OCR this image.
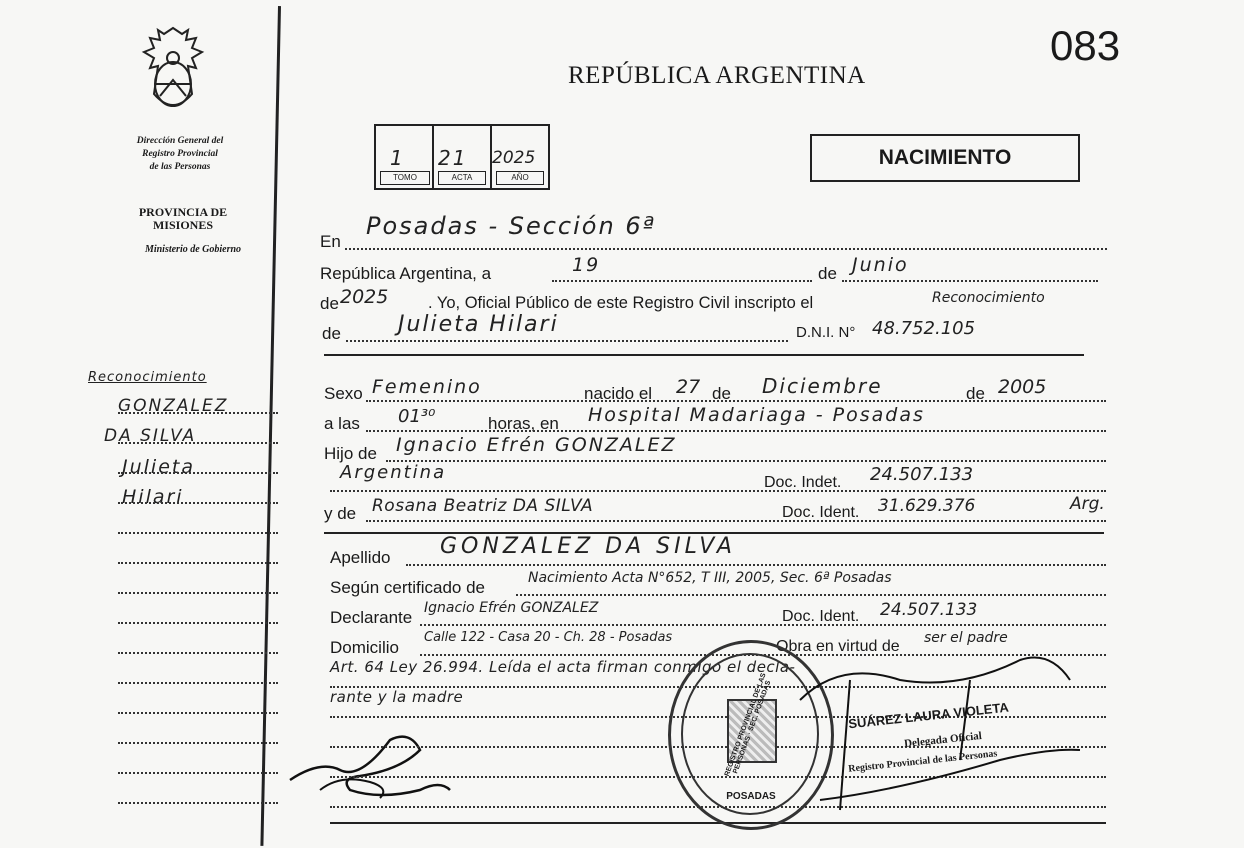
083
Dirección General del
Registro Provincial
de las Personas
PROVINCIA DE
MISIONES
Ministerio de Gobierno
REPÚBLICA ARGENTINA
1 21 2025
TOMO	ACTA	AÑO
NACIMIENTO
Reconocimiento
GONZALEZ
DA SILVA
Julieta
Hilari
En
Posadas - Sección 6ª
República Argentina, a	19	de Junio
de 2025 . Yo, Oficial Público de este Registro Civil inscripto el	Reconocimiento
de	Julieta Hilari	D.N.I. N° 48.752.105
Sexo Femenino	nacido el 27 de Diciembre	de 2005
a las 01³⁰	horas, en Hospital Madariaga - Posadas
Hijo de Ignacio Efrén GONZALEZ
Argentina	Doc. Indet. 24.507.133
y de Rosana Beatriz DA SILVA	Doc. Ident. 31.629.376	Arg.
Apellido GONZALEZ DA SILVA
Según certificado de	Nacimiento Acta N°652, T III, 2005, Sec. 6ª Posadas
Declarante Ignacio Efrén GONZALEZ	Doc. Ident. 24.507.133
Domicilio
Calle 122 - Casa 20 - Ch. 28 - Posadas
Obra en virtud de ser el padre
Art. 64 Ley 26.994. Leída el acta firman conmigo el decla-
rante y la madre	REGISTRO PROVINCIAL DE LAS PERSONAS · SEC. POSADAS
POSADAS
SUÁREZ LAURA VIOLETA
Delegada Oficial
Registro Provincial de las Personas
